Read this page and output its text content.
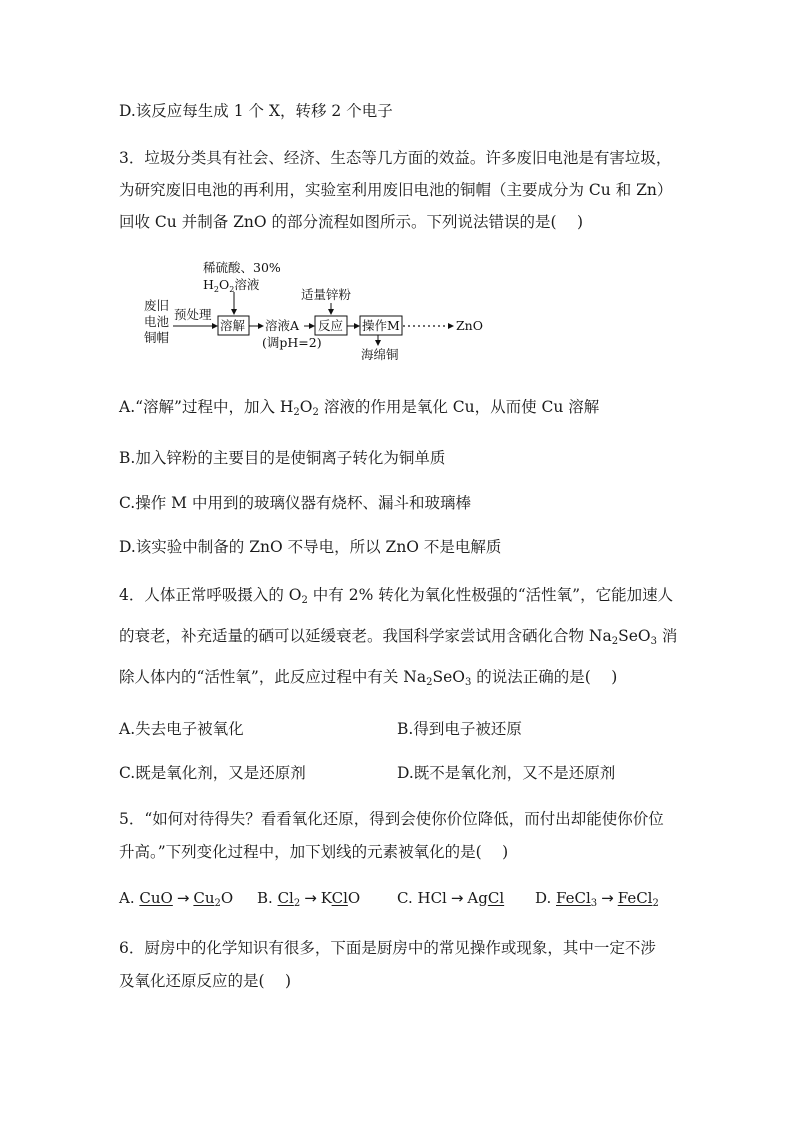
D.该反应每生成 1 个 X，转移 2 个电子
3．垃圾分类具有社会、经济、生态等几方面的效益。许多废旧电池是有害垃圾，
为研究废旧电池的再利用，实验室利用废旧电池的铜帽（主要成分为 Cu 和 Zn）
回收 Cu 并制备 ZnO 的部分流程如图所示。下列说法错误的是(　 )
废旧
电池
铜帽
预处理
稀硫酸、30%
$H_2O_2$溶液
溶解 溶液A
(调pH=2)
适量锌粉
反应 操作M
海绵铜
ZnO
A.“溶解”过程中，加入 $H_2O_2$ 溶液的作用是氧化 Cu，从而使 Cu 溶解
B.加入锌粉的主要目的是使铜离子转化为铜单质
C.操作 M 中用到的玻璃仪器有烧杯、漏斗和玻璃棒
D.该实验中制备的 ZnO 不导电，所以 ZnO 不是电解质
4．人体正常呼吸摄入的 $O_2$ 中有 2% 转化为氧化性极强的“活性氧”，它能加速人
的衰老，补充适量的硒可以延缓衰老。我国科学家尝试用含硒化合物 $Na_2SeO_3$ 消
除人体内的“活性氧”，此反应过程中有关 $Na_2SeO_3$ 的说法正确的是(　 )
A.失去电子被氧化	B.得到电子被还原
C.既是氧化剂，又是还原剂	D.既不是氧化剂，又不是还原剂
5．“如何对待得失？看看氧化还原，得到会使你价位降低，而付出却能使你价位
升高。”下列变化过程中，加下划线的元素被氧化的是(　 )
A. CuO → $Cu_2O$ B. $Cl_2$ → KClO C. HCl → AgCl D. FeCl$_3$ → FeCl$_2$
6．厨房中的化学知识有很多，下面是厨房中的常见操作或现象，其中一定不涉
及氧化还原反应的是(　 )
